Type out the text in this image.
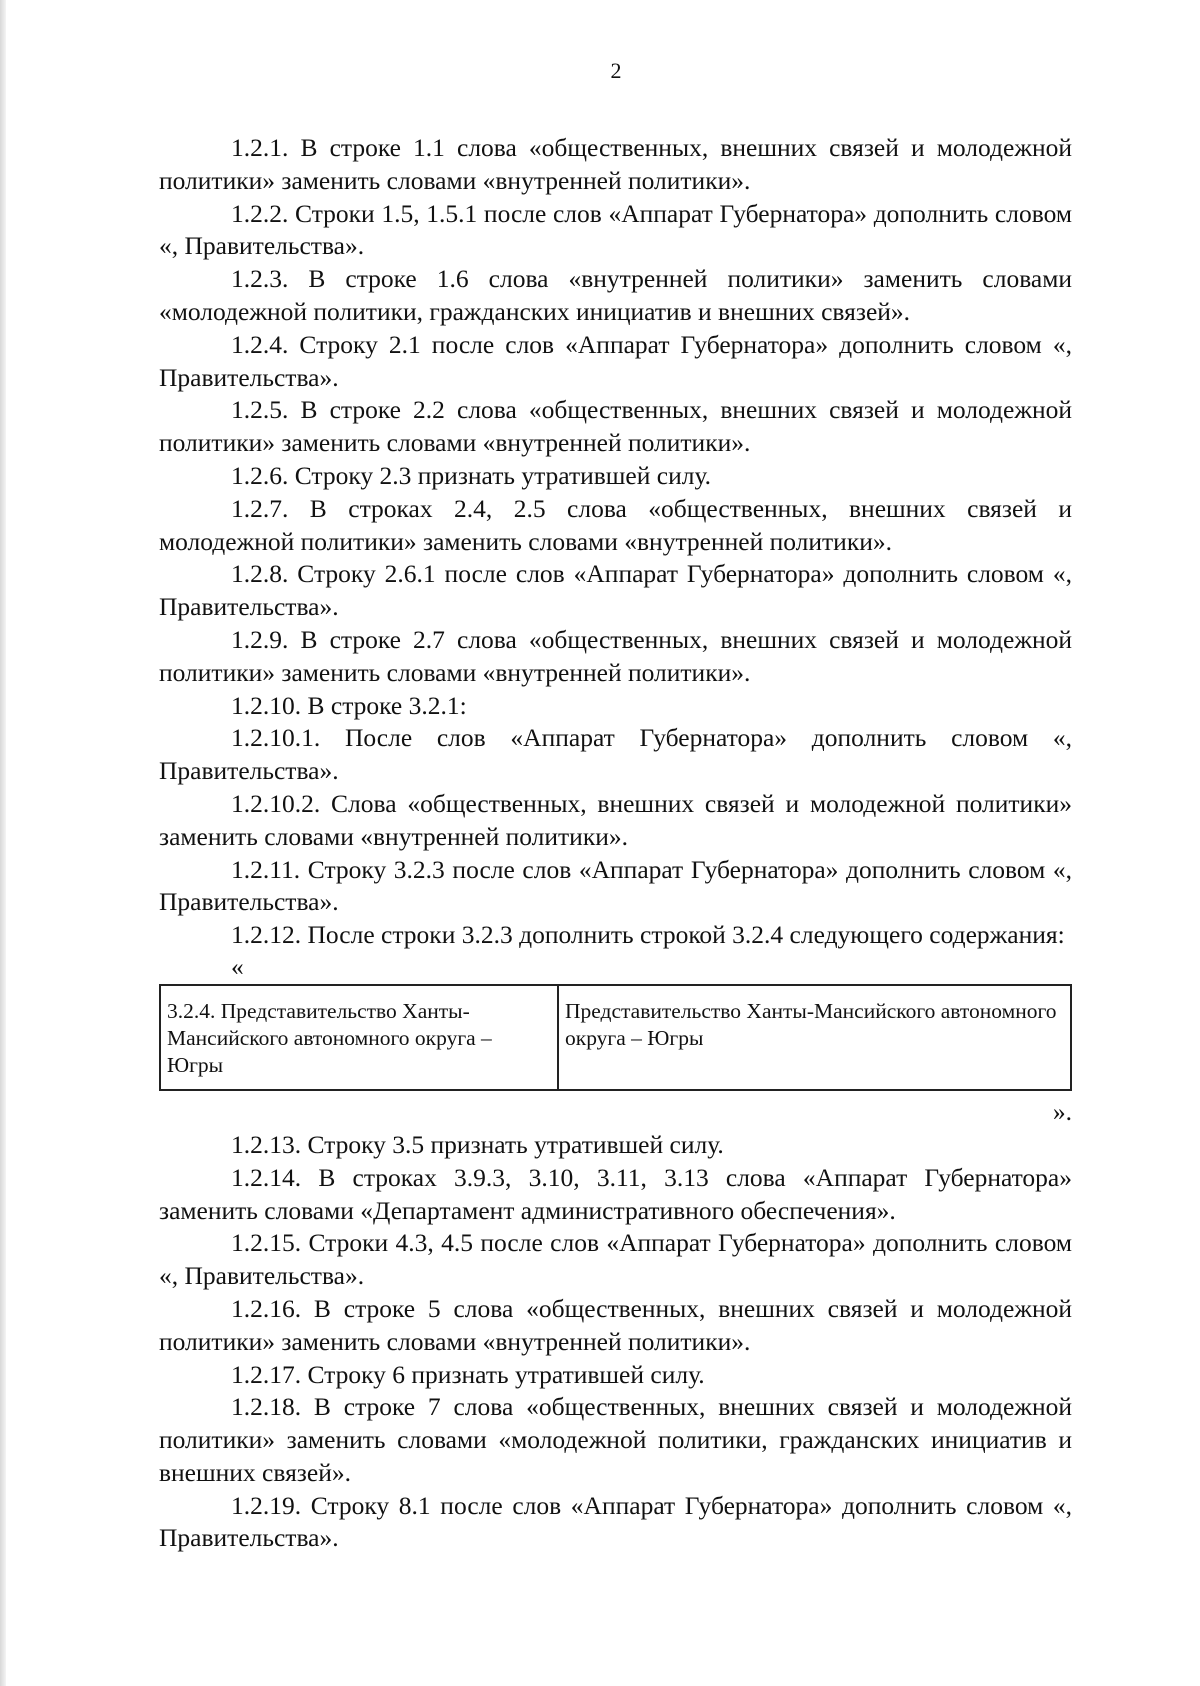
2

1.2.1. В строке 1.1 слова «общественных, внешних связей и молодежной политики» заменить словами «внутренней политики».

1.2.2. Строки 1.5, 1.5.1 после слов «Аппарат Губернатора» дополнить словом «, Правительства».

1.2.3. В строке 1.6 слова «внутренней политики» заменить словами «молодежной политики, гражданских инициатив и внешних связей».

1.2.4. Строку 2.1 после слов «Аппарат Губернатора» дополнить словом «, Правительства».

1.2.5. В строке 2.2 слова «общественных, внешних связей и молодежной политики» заменить словами «внутренней политики».

1.2.6. Строку 2.3 признать утратившей силу.

1.2.7. В строках 2.4, 2.5 слова «общественных, внешних связей и молодежной политики» заменить словами «внутренней политики».

1.2.8. Строку 2.6.1 после слов «Аппарат Губернатора» дополнить словом «, Правительства».

1.2.9. В строке 2.7 слова «общественных, внешних связей и молодежной политики» заменить словами «внутренней политики».

1.2.10. В строке 3.2.1:

1.2.10.1. После слов «Аппарат Губернатора» дополнить словом «, Правительства».

1.2.10.2. Слова «общественных, внешних связей и молодежной политики» заменить словами «внутренней политики».

1.2.11. Строку 3.2.3 после слов «Аппарат Губернатора» дополнить словом «, Правительства».

1.2.12. После строки 3.2.3 дополнить строкой 3.2.4 следующего содержания:

«

3.2.4. Представительство Ханты-Мансийского автономного округа – Югры	Представительство Ханты-Мансийского автономного округа – Югры

».

1.2.13. Строку 3.5 признать утратившей силу.

1.2.14. В строках 3.9.3, 3.10, 3.11, 3.13 слова «Аппарат Губернатора» заменить словами «Департамент административного обеспечения».

1.2.15. Строки 4.3, 4.5 после слов «Аппарат Губернатора» дополнить словом «, Правительства».

1.2.16. В строке 5 слова «общественных, внешних связей и молодежной политики» заменить словами «внутренней политики».

1.2.17. Строку 6 признать утратившей силу.

1.2.18. В строке 7 слова «общественных, внешних связей и молодежной политики» заменить словами «молодежной политики, гражданских инициатив и внешних связей».

1.2.19. Строку 8.1 после слов «Аппарат Губернатора» дополнить словом «, Правительства».
